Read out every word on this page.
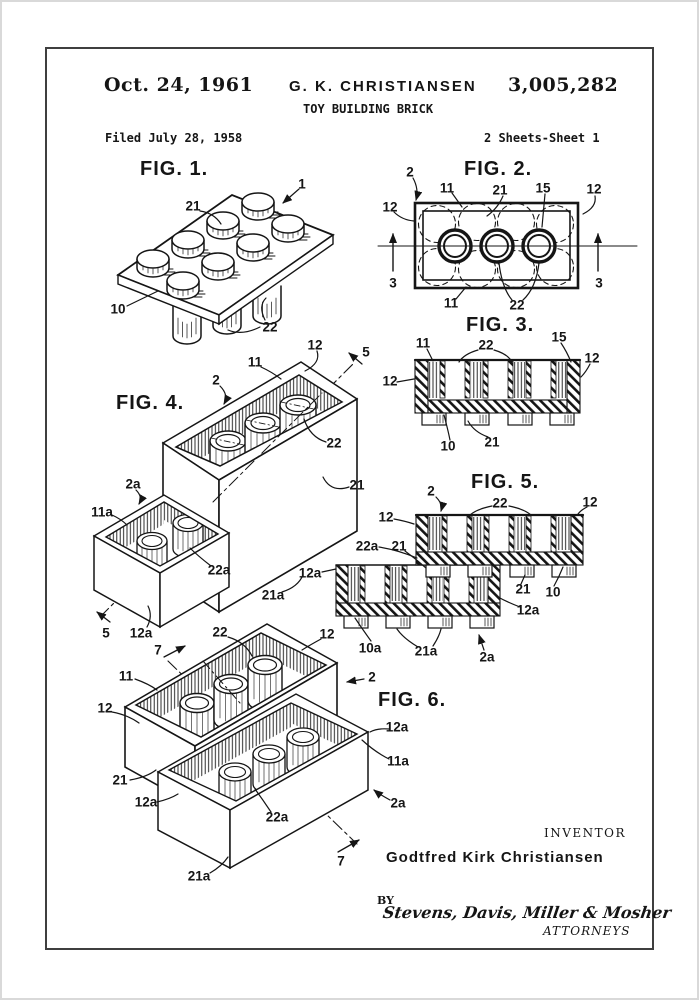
Oct. 24, 1961 G. K. CHRISTIANSEN 3,005,282
TOY BUILDING BRICK
Filed July 28, 1958	2 Sheets-Sheet 1
FIG. 1.
1
21
10
22
FIG. 2.
2
11	21 15	12
12
3	3
11	22
FIG. 3.
11	22
15
12
12
10 21
FIG. 4.
12	5
11
2
22
21
2a
11a
22a
21a
12a
5
FIG. 5.
2
22	12
12
22a 21
21 10
12a
12a
10a 21a	2a
FIG. 6.
7
22	12
11	2
12
21
12a
22a
21a
7
12a
11a
2a
INVENTOR
Godtfred Kirk Christiansen
BY
Stevens, Davis, Miller & Mosher
ATTORNEYS
